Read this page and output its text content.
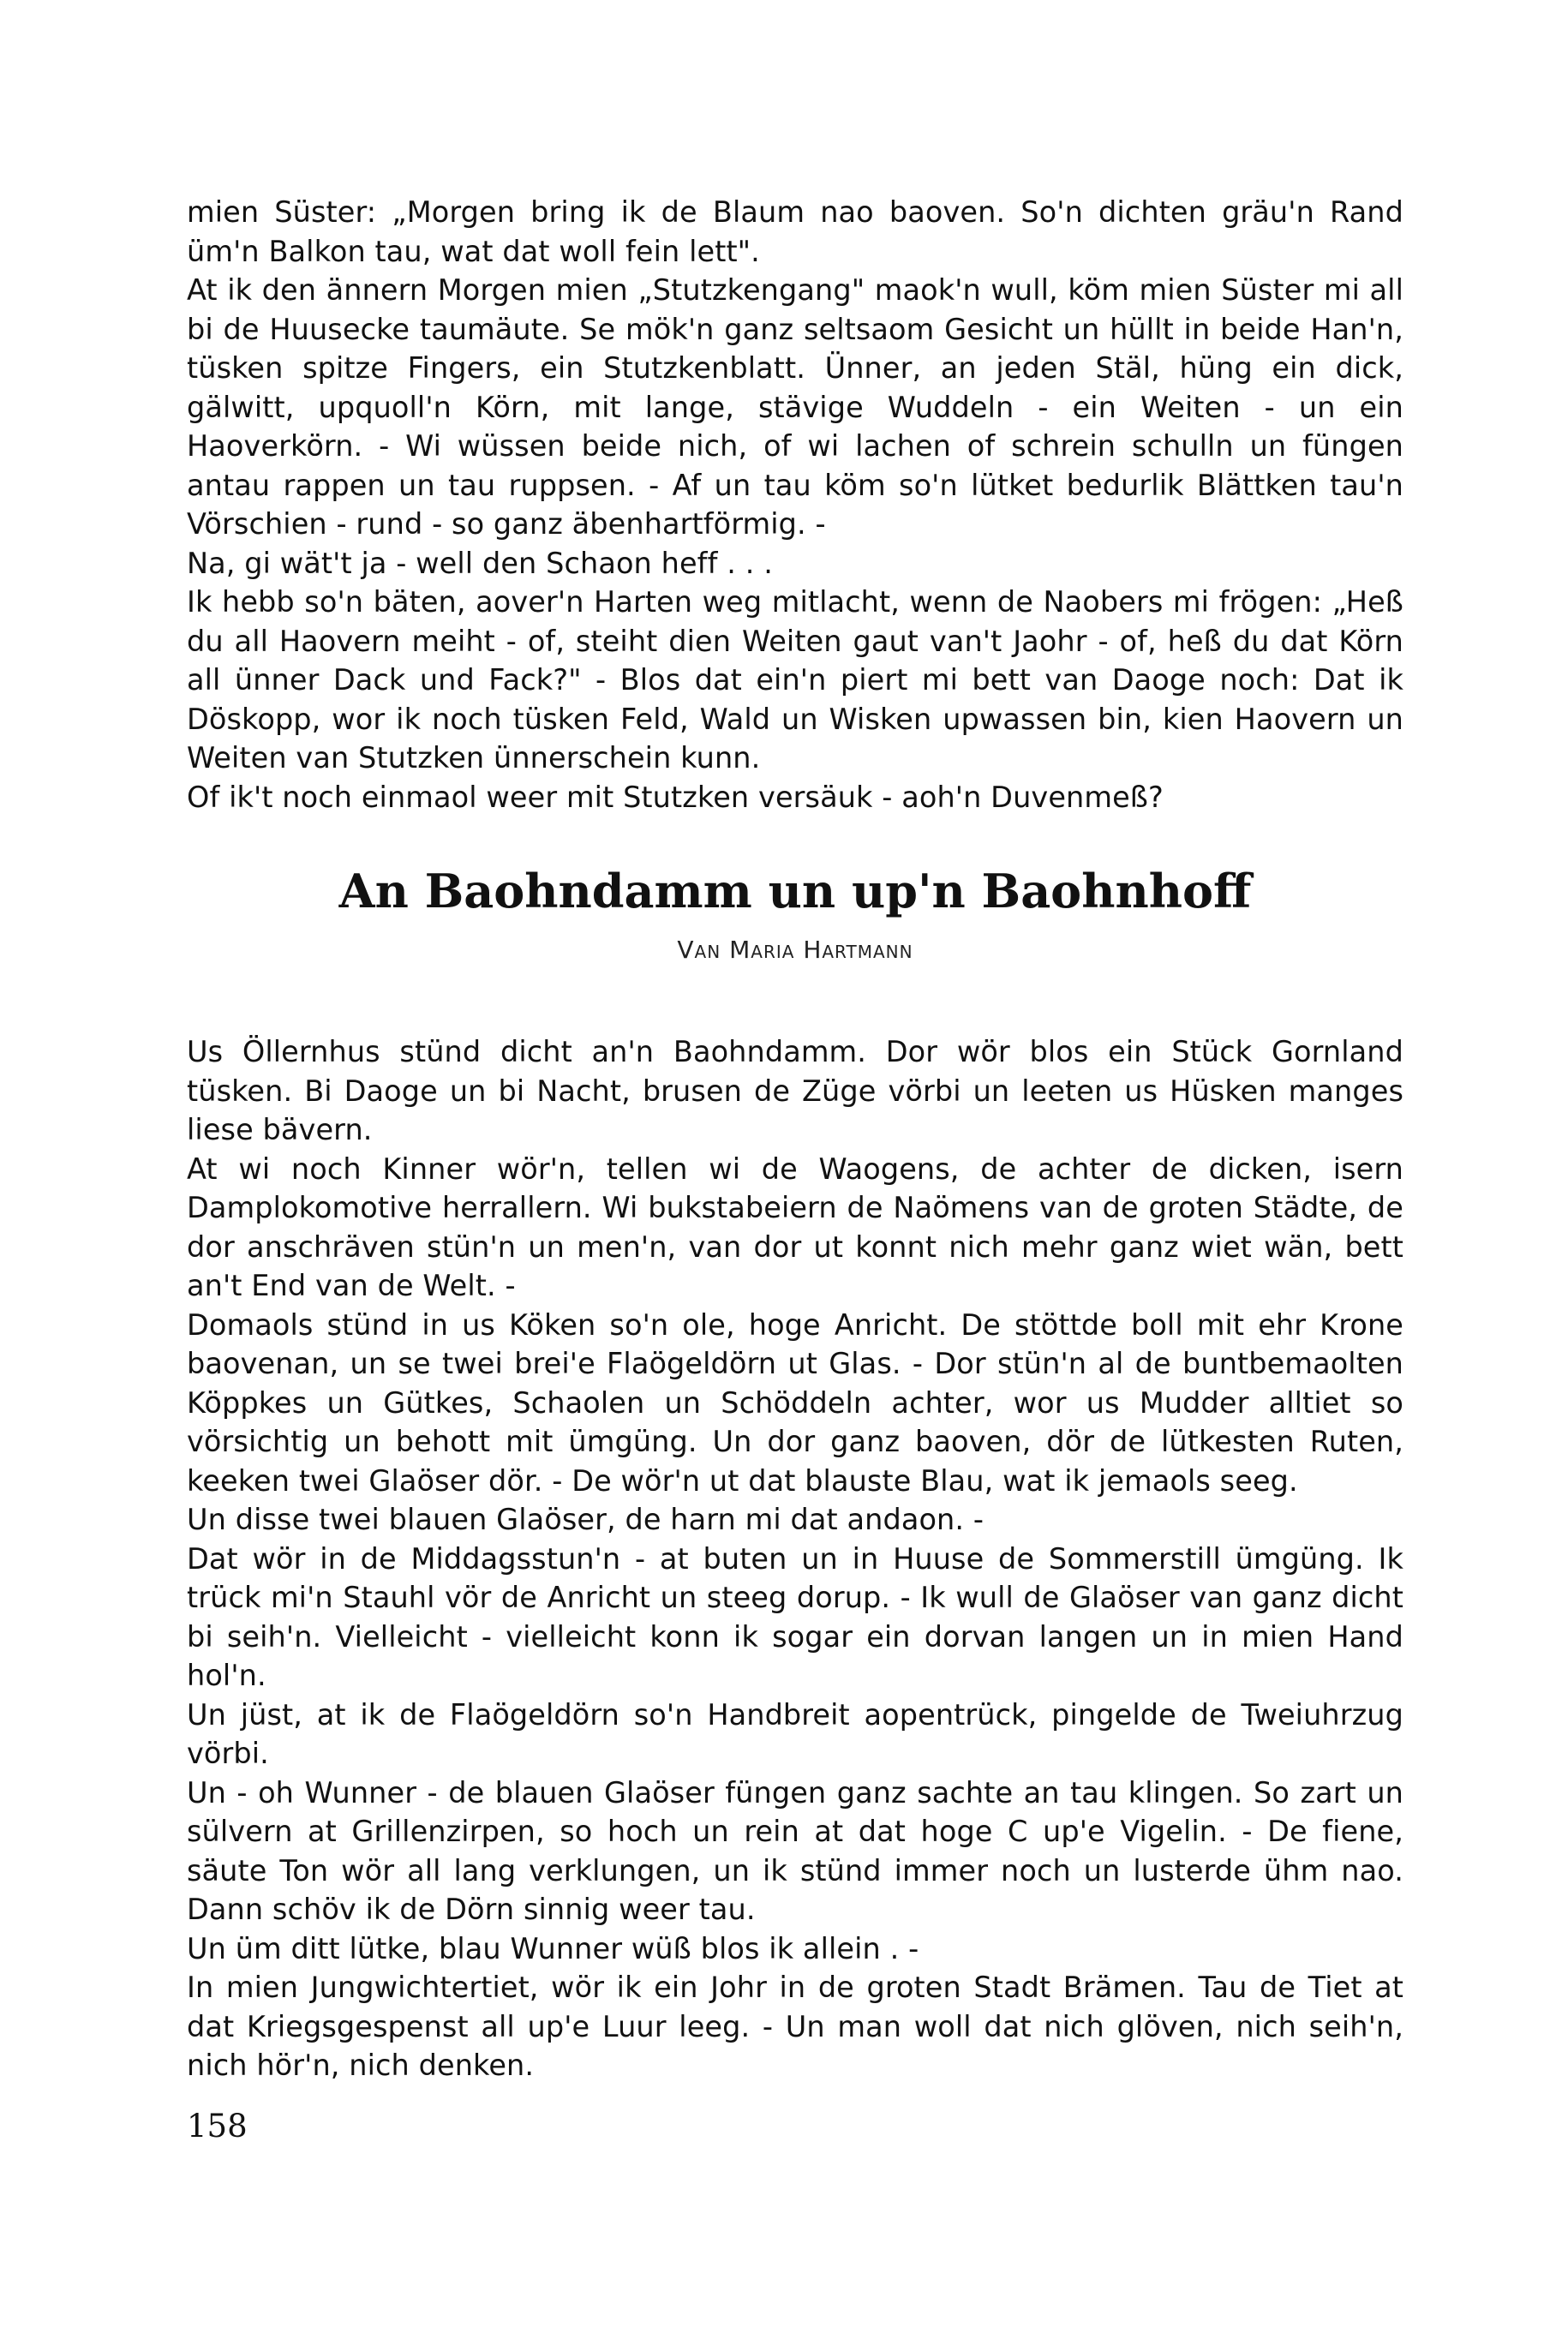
mien Süster: „Morgen bring ik de Blaum nao baoven. So'n dichten gräu'n Rand üm'n Balkon tau, wat dat woll fein lett".

At ik den ännern Morgen mien „Stutzkengang" maok'n wull, köm mien Süster mi all bi de Huusecke taumäute. Se mök'n ganz seltsaom Gesicht un hüllt in beide Han'n, tüsken spitze Fingers, ein Stutzkenblatt. Ünner, an jeden Stäl, hüng ein dick, gälwitt, upquoll'n Körn, mit lange, stävige Wuddeln - ein Weiten - un ein Haoverkörn. - Wi wüssen beide nich, of wi lachen of schrein schulln un füngen antau rappen un tau ruppsen. - Af un tau köm so'n lütket bedurlik Blättken tau'n Vörschien - rund - so ganz äbenhartförmig. -

Na, gi wät't ja - well den Schaon heff . . .

Ik hebb so'n bäten, aover'n Harten weg mitlacht, wenn de Naobers mi frögen: „Heß du all Haovern meiht - of, steiht dien Weiten gaut van't Jaohr - of, heß du dat Körn all ünner Dack und Fack?" - Blos dat ein'n piert mi bett van Daoge noch: Dat ik Döskopp, wor ik noch tüsken Feld, Wald un Wisken upwassen bin, kien Haovern un Weiten van Stutzken ünnerschein kunn.

Of ik't noch einmaol weer mit Stutzken versäuk - aoh'n Duvenmeß?

An Baohndamm un up'n Baohnhoff
Van Maria Hartmann

Us Öllernhus stünd dicht an'n Baohndamm. Dor wör blos ein Stück Gornland tüsken. Bi Daoge un bi Nacht, brusen de Züge vörbi un leeten us Hüsken manges liese bävern.

At wi noch Kinner wör'n, tellen wi de Waogens, de achter de dicken, isern Damplokomotive herrallern. Wi bukstabeiern de Naömens van de groten Städte, de dor anschräven stün'n un men'n, van dor ut konnt nich mehr ganz wiet wän, bett an't End van de Welt. -

Domaols stünd in us Köken so'n ole, hoge Anricht. De stöttde boll mit ehr Krone baovenan, un se twei brei'e Flaögeldörn ut Glas. - Dor stün'n al de buntbemaolten Köppkes un Gütkes, Schaolen un Schöddeln achter, wor us Mudder alltiet so vörsichtig un behott mit ümgüng. Un dor ganz baoven, dör de lütkesten Ruten, keeken twei Glaöser dör. - De wör'n ut dat blauste Blau, wat ik jemaols seeg.

Un disse twei blauen Glaöser, de harn mi dat andaon. -

Dat wör in de Middagsstun'n - at buten un in Huuse de Sommerstill ümgüng. Ik trück mi'n Stauhl vör de Anricht un steeg dorup. - Ik wull de Glaöser van ganz dicht bi seih'n. Vielleicht - vielleicht konn ik sogar ein dorvan langen un in mien Hand hol'n.

Un jüst, at ik de Flaögeldörn so'n Handbreit aopentrück, pingelde de Tweiuhrzug vörbi.

Un - oh Wunner - de blauen Glaöser füngen ganz sachte an tau klingen. So zart un sülvern at Grillenzirpen, so hoch un rein at dat hoge C up'e Vigelin. - De fiene, säute Ton wör all lang verklungen, un ik stünd immer noch un lusterde ühm nao. Dann schöv ik de Dörn sinnig weer tau.

Un üm ditt lütke, blau Wunner wüß blos ik allein . -

In mien Jungwichtertiet, wör ik ein Johr in de groten Stadt Brämen. Tau de Tiet at dat Kriegsgespenst all up'e Luur leeg. - Un man woll dat nich glöven, nich seih'n, nich hör'n, nich denken.

158
